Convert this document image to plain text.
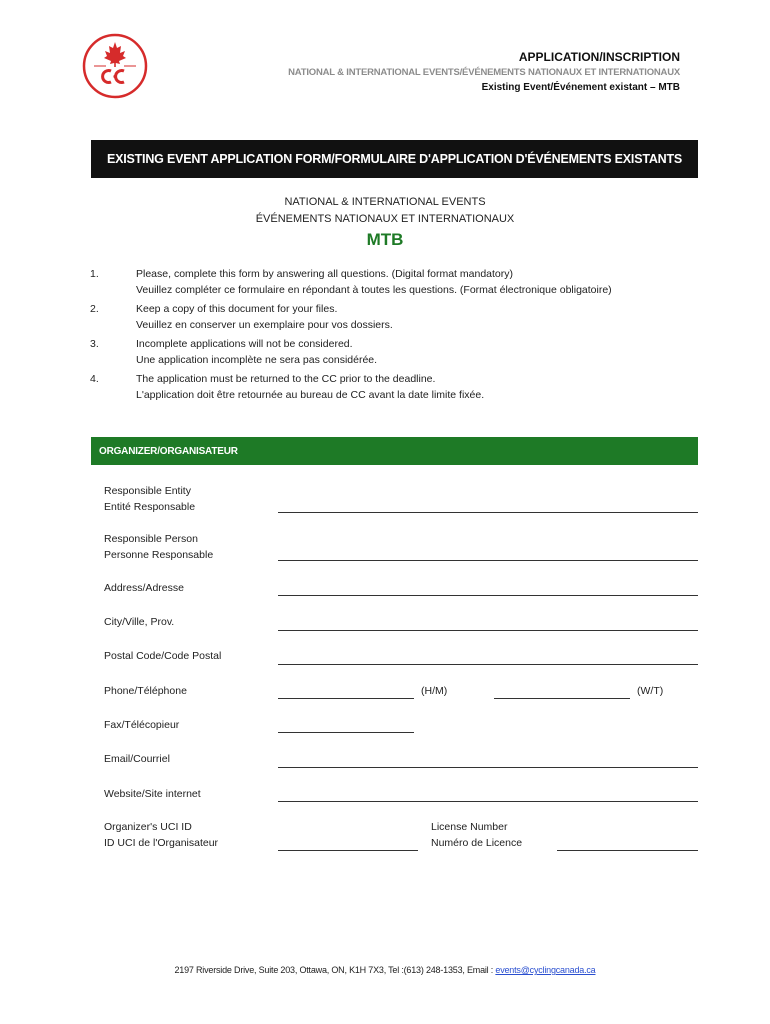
APPLICATION/INSCRIPTION
NATIONAL & INTERNATIONAL EVENTS/ÉVÉNEMENTS NATIONAUX ET INTERNATIONAUX
Existing Event/Événement existant – MTB
EXISTING EVENT APPLICATION FORM/FORMULAIRE D'APPLICATION D'ÉVÉNEMENTS EXISTANTS
NATIONAL & INTERNATIONAL EVENTS
ÉVÉNEMENTS NATIONAUX ET INTERNATIONAUX
MTB
1.	Please, complete this form by answering all questions. (Digital format mandatory)
Veuillez compléter ce formulaire en répondant à toutes les questions. (Format électronique obligatoire)
2.	Keep a copy of this document for your files.
Veuillez en conserver un exemplaire pour vos dossiers.
3.	Incomplete applications will not be considered.
Une application incomplète ne sera pas considérée.
4.	The application must be returned to the CC prior to the deadline.
L'application doit être retournée au bureau de CC avant la date limite fixée.
ORGANIZER/ORGANISATEUR
Responsible Entity
Entité Responsable
Responsible Person
Personne Responsable
Address/Adresse
City/Ville, Prov.
Postal Code/Code Postal
Phone/Téléphone	(H/M)	(W/T)
Fax/Télécopieur
Email/Courriel
Website/Site internet
Organizer's UCI ID
ID UCI de l'Organisateur
License Number
Numéro de Licence
2197 Riverside Drive, Suite 203, Ottawa, ON, K1H 7X3, Tel :(613) 248-1353, Email : events@cyclingcanada.ca
